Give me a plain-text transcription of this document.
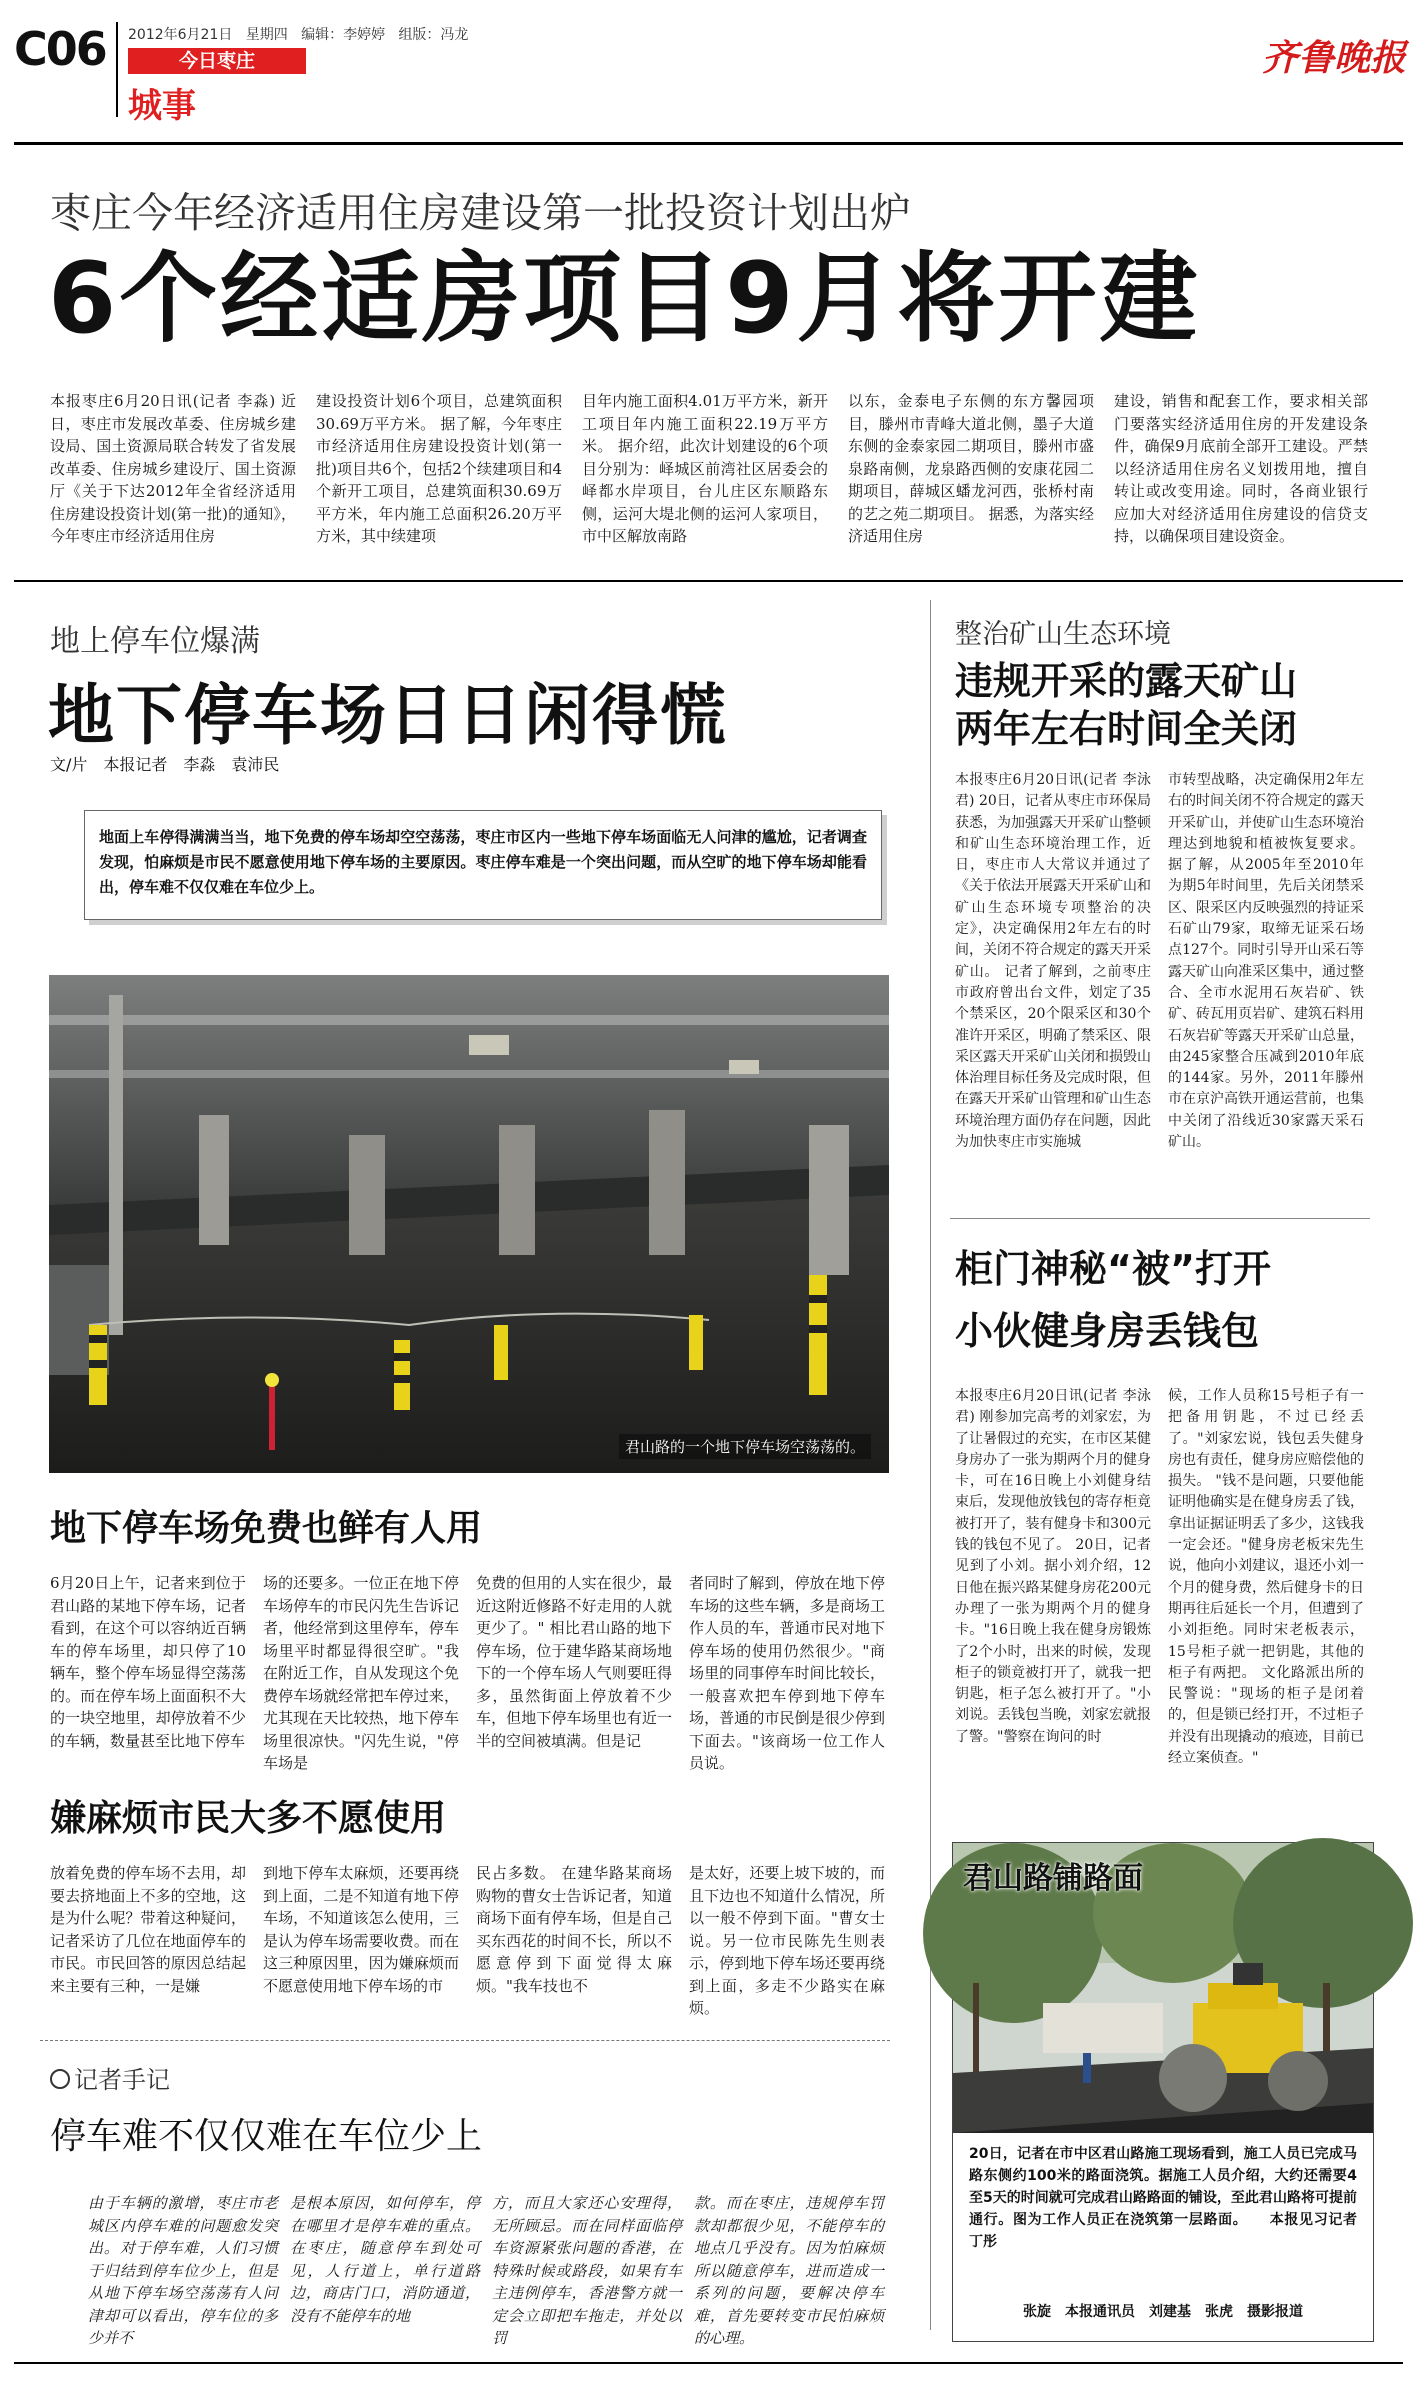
C06 2012年6月21日 星期四 编辑：李婷婷 组版：冯龙
今日枣庄
城事
齐鲁晚报
枣庄今年经济适用住房建设第一批投资计划出炉
6个经适房项目9月将开建
本报枣庄6月20日讯(记者 李淼) 近日，枣庄市发展改革委、住房城乡建设局、国土资源局联合转发了省发展改革委、住房城乡建设厅、国土资源厅《关于下达2012年全省经济适用住房建设投资计划(第一批)的通知》，今年枣庄市经济适用住房
建设投资计划6个项目，总建筑面积30.69万平方米。 据了解，今年枣庄市经济适用住房建设投资计划(第一批)项目共6个，包括2个续建项目和4个新开工项目，总建筑面积30.69万平方米，年内施工总面积26.20万平方米，其中续建项
目年内施工面积4.01万平方米，新开工项目年内施工面积22.19万平方米。 据介绍，此次计划建设的6个项目分别为：峄城区前湾社区居委会的峄都水岸项目，台儿庄区东顺路东侧，运河大堤北侧的运河人家项目，市中区解放南路
以东，金泰电子东侧的东方馨园项目，滕州市青峰大道北侧，墨子大道东侧的金泰家园二期项目，滕州市盛泉路南侧，龙泉路西侧的安康花园二期项目，薛城区蟠龙河西，张桥村南的艺之苑二期项目。 据悉，为落实经济适用住房
建设，销售和配套工作，要求相关部门要落实经济适用住房的开发建设条件，确保9月底前全部开工建设。严禁以经济适用住房名义划拨用地，擅自转让或改变用途。同时，各商业银行应加大对经济适用住房建设的信贷支持，以确保项目建设资金。
地上停车位爆满
地下停车场日日闲得慌
文/片　本报记者　李淼　袁沛民
地面上车停得满满当当，地下免费的停车场却空空荡荡，枣庄市区内一些地下停车场面临无人问津的尴尬，记者调查发现，怕麻烦是市民不愿意使用地下停车场的主要原因。枣庄停车难是一个突出问题，而从空旷的地下停车场却能看出，停车难不仅仅难在车位少上。
君山路的一个地下停车场空荡荡的。
地下停车场免费也鲜有人用
6月20日上午，记者来到位于君山路的某地下停车场，记者看到，在这个可以容纳近百辆车的停车场里，却只停了10辆车，整个停车场显得空荡荡的。而在停车场上面面积不大的一块空地里，却停放着不少的车辆，数量甚至比地下停车
场的还要多。一位正在地下停车场停车的市民闪先生告诉记者，他经常到这里停车，停车场里平时都显得很空旷。"我在附近工作，自从发现这个免费停车场就经常把车停过来，尤其现在天比较热，地下停车场里很凉快。"闪先生说，"停车场是
免费的但用的人实在很少，最近这附近修路不好走用的人就更少了。" 相比君山路的地下停车场，位于建华路某商场地下的一个停车场人气则要旺得多，虽然街面上停放着不少车，但地下停车场里也有近一半的空间被填满。但是记
者同时了解到，停放在地下停车场的这些车辆，多是商场工作人员的车，普通市民对地下停车场的使用仍然很少。"商场里的同事停车时间比较长，一般喜欢把车停到地下停车场，普通的市民倒是很少停到下面去。"该商场一位工作人员说。
嫌麻烦市民大多不愿使用
放着免费的停车场不去用，却要去挤地面上不多的空地，这是为什么呢？带着这种疑问，记者采访了几位在地面停车的市民。市民回答的原因总结起来主要有三种，一是嫌
到地下停车太麻烦，还要再绕到上面，二是不知道有地下停车场，不知道该怎么使用，三是认为停车场需要收费。而在这三种原因里，因为嫌麻烦而不愿意使用地下停车场的市
民占多数。 在建华路某商场购物的曹女士告诉记者，知道商场下面有停车场，但是自己买东西花的时间不长，所以不愿意停到下面觉得太麻烦。"我车技也不
是太好，还要上坡下坡的，而且下边也不知道什么情况，所以一般不停到下面。"曹女士说。另一位市民陈先生则表示，停到地下停车场还要再绕到上面，多走不少路实在麻烦。
记者手记
停车难不仅仅难在车位少上
由于车辆的激增，枣庄市老城区内停车难的问题愈发突出。对于停车难，人们习惯于归结到停车位少上，但是从地下停车场空荡荡有人问津却可以看出，停车位的多少并不
是根本原因，如何停车，停在哪里才是停车难的重点。 在枣庄，随意停车到处可见，人行道上，单行道路边，商店门口，消防通道，没有不能停车的地
方，而且大家还心安理得，无所顾忌。而在同样面临停车资源紧张问题的香港，在特殊时候或路段，如果有车主违例停车，香港警方就一定会立即把车拖走，并处以罚
款。而在枣庄，违规停车罚款却都很少见，不能停车的地点几乎没有。因为怕麻烦所以随意停车，进而造成一系列的问题，要解决停车难，首先要转变市民怕麻烦的心理。
整治矿山生态环境
违规开采的露天矿山
两年左右时间全关闭
本报枣庄6月20日讯(记者 李泳君) 20日，记者从枣庄市环保局获悉，为加强露天开采矿山整顿和矿山生态环境治理工作，近日，枣庄市人大常议并通过了《关于依法开展露天开采矿山和矿山生态环境专项整治的决定》，决定确保用2年左右的时间，关闭不符合规定的露天开采矿山。 记者了解到，之前枣庄市政府曾出台文件，划定了35个禁采区，20个限采区和30个准许开采区，明确了禁采区、限采区露天开采矿山关闭和损毁山体治理目标任务及完成时限，但在露天开采矿山管理和矿山生态环境治理方面仍存在问题，因此为加快枣庄市实施城
市转型战略，决定确保用2年左右的时间关闭不符合规定的露天开采矿山，并使矿山生态环境治理达到地貌和植被恢复要求。 据了解，从2005年至2010年为期5年时间里，先后关闭禁采区、限采区内反映强烈的持证采石矿山79家，取缔无证采石场点127个。同时引导开山采石等露天矿山向准采区集中，通过整合、全市水泥用石灰岩矿、铁矿、砖瓦用页岩矿、建筑石料用石灰岩矿等露天开采矿山总量，由245家整合压减到2010年底的144家。另外，2011年滕州市在京沪高铁开通运营前，也集中关闭了沿线近30家露天采石矿山。
柜门神秘“被”打开
小伙健身房丢钱包
本报枣庄6月20日讯(记者 李泳君) 刚参加完高考的刘家宏，为了让暑假过的充实，在市区某健身房办了一张为期两个月的健身卡，可在16日晚上小刘健身结束后，发现他放钱包的寄存柜竟被打开了，装有健身卡和300元钱的钱包不见了。 20日，记者见到了小刘。据小刘介绍，12日他在振兴路某健身房花200元办理了一张为期两个月的健身卡。"16日晚上我在健身房锻炼了2个小时，出来的时候，发现柜子的锁竟被打开了，就我一把钥匙，柜子怎么被打开了。"小刘说。丢钱包当晚，刘家宏就报了警。"警察在询问的时
候，工作人员称15号柜子有一把备用钥匙，不过已经丢了。"刘家宏说，钱包丢失健身房也有责任，健身房应赔偿他的损失。 "钱不是问题，只要他能证明他确实是在健身房丢了钱，拿出证据证明丢了多少，这钱我一定会还。"健身房老板宋先生说，他向小刘建议，退还小刘一个月的健身费，然后健身卡的日期再往后延长一个月，但遭到了小刘拒绝。同时宋老板表示，15号柜子就一把钥匙，其他的柜子有两把。 文化路派出所的民警说："现场的柜子是闭着的，但是锁已经打开，不过柜子并没有出现撬动的痕迹，目前已经立案侦查。"
君山路铺路面
20日，记者在市中区君山路施工现场看到，施工人员已完成马路东侧约100米的路面浇筑。据施工人员介绍，大约还需要4至5天的时间就可完成君山路路面的铺设，至此君山路将可提前通行。图为工作人员正在浇筑第一层路面。　　本报见习记者　丁彤
张旋　本报通讯员　刘建基　张虎　摄影报道
